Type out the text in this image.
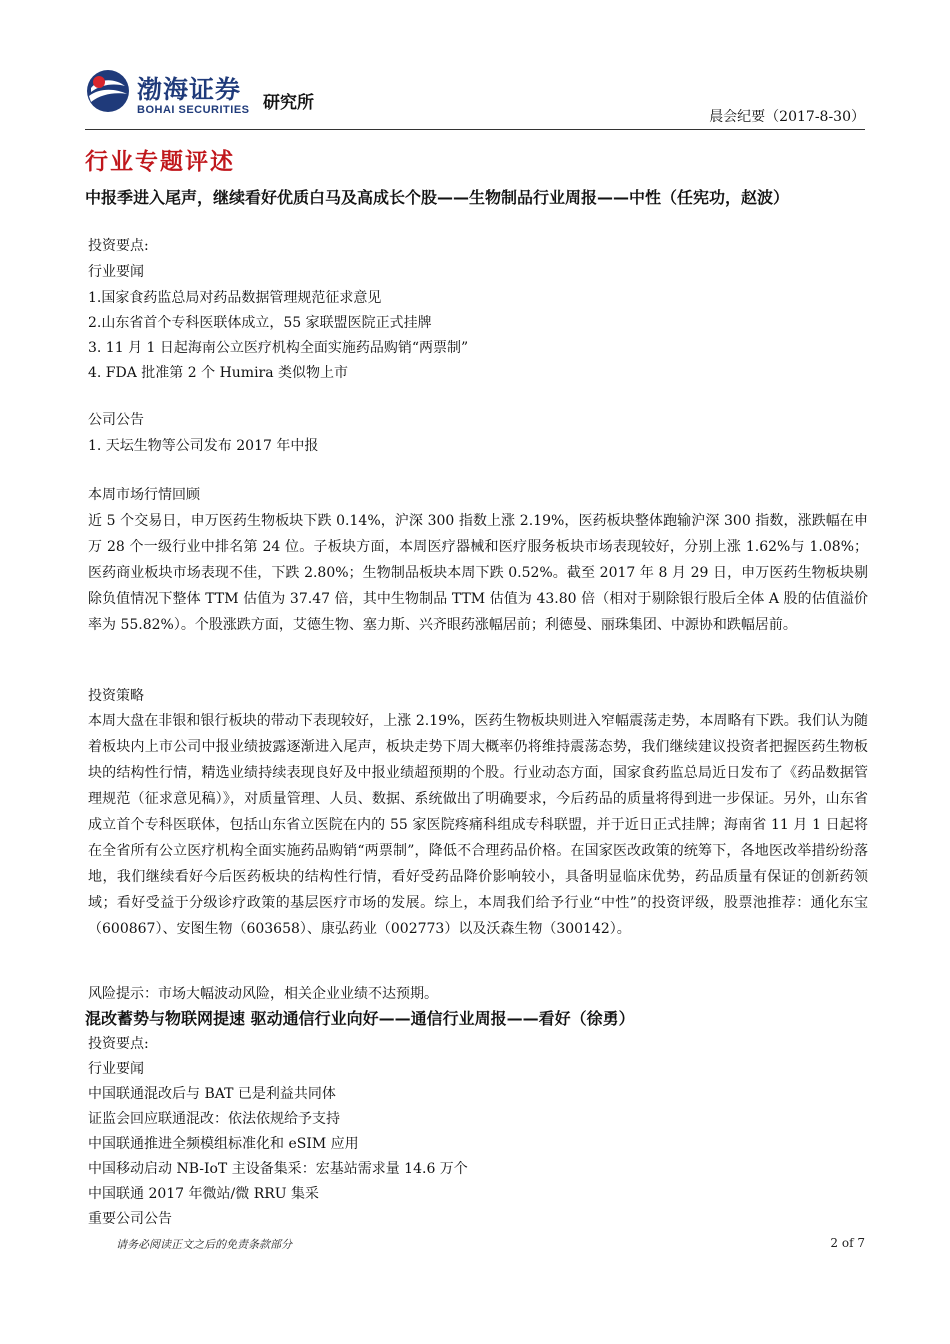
渤海证券
BOHAI SECURITIES 研究所
晨会纪要（2017-8-30）
行业专题评述
中报季进入尾声，继续看好优质白马及高成长个股——生物制品行业周报——中性（任宪功，赵波）
投资要点:
行业要闻
1.国家食药监总局对药品数据管理规范征求意见
2.山东省首个专科医联体成立，55 家联盟医院正式挂牌
3. 11 月 1 日起海南公立医疗机构全面实施药品购销“两票制”
4. FDA 批准第 2 个 Humira 类似物上市
公司公告
1. 天坛生物等公司发布 2017 年中报
本周市场行情回顾
近 5 个交易日，申万医药生物板块下跌 0.14%，沪深 300 指数上涨 2.19%，医药板块整体跑输沪深 300 指数，涨跌幅在申万 28 个一级行业中排名第 24 位。子板块方面，本周医疗器械和医疗服务板块市场表现较好，分别上涨 1.62%与 1.08%；医药商业板块市场表现不佳，下跌 2.80%；生物制品板块本周下跌 0.52%。截至 2017 年 8 月 29 日，申万医药生物板块剔除负值情况下整体 TTM 估值为 37.47 倍，其中生物制品 TTM 估值为 43.80 倍（相对于剔除银行股后全体 A 股的估值溢价率为 55.82%）。个股涨跌方面，艾德生物、塞力斯、兴齐眼药涨幅居前；利德曼、丽珠集团、中源协和跌幅居前。
投资策略
本周大盘在非银和银行板块的带动下表现较好，上涨 2.19%，医药生物板块则进入窄幅震荡走势，本周略有下跌。我们认为随着板块内上市公司中报业绩披露逐渐进入尾声，板块走势下周大概率仍将维持震荡态势，我们继续建议投资者把握医药生物板块的结构性行情，精选业绩持续表现良好及中报业绩超预期的个股。行业动态方面，国家食药监总局近日发布了《药品数据管理规范（征求意见稿）》，对质量管理、人员、数据、系统做出了明确要求，今后药品的质量将得到进一步保证。另外，山东省成立首个专科医联体，包括山东省立医院在内的 55 家医院疼痛科组成专科联盟，并于近日正式挂牌；海南省 11 月 1 日起将在全省所有公立医疗机构全面实施药品购销“两票制”，降低不合理药品价格。在国家医改政策的统筹下，各地医改举措纷纷落地，我们继续看好今后医药板块的结构性行情，看好受药品降价影响较小，具备明显临床优势，药品质量有保证的创新药领域；看好受益于分级诊疗政策的基层医疗市场的发展。综上，本周我们给予行业“中性”的投资评级，股票池推荐：通化东宝（600867）、安图生物（603658）、康弘药业（002773）以及沃森生物（300142）。
风险提示：市场大幅波动风险，相关企业业绩不达预期。
混改蓄势与物联网提速 驱动通信行业向好——通信行业周报——看好（徐勇）
投资要点:
行业要闻
中国联通混改后与 BAT 已是利益共同体
证监会回应联通混改：依法依规给予支持
中国联通推进全频模组标准化和 eSIM 应用
中国移动启动 NB-IoT 主设备集采：宏基站需求量 14.6 万个
中国联通 2017 年微站/微 RRU 集采
重要公司公告
请务必阅读正文之后的免责条款部分	2 of 7
